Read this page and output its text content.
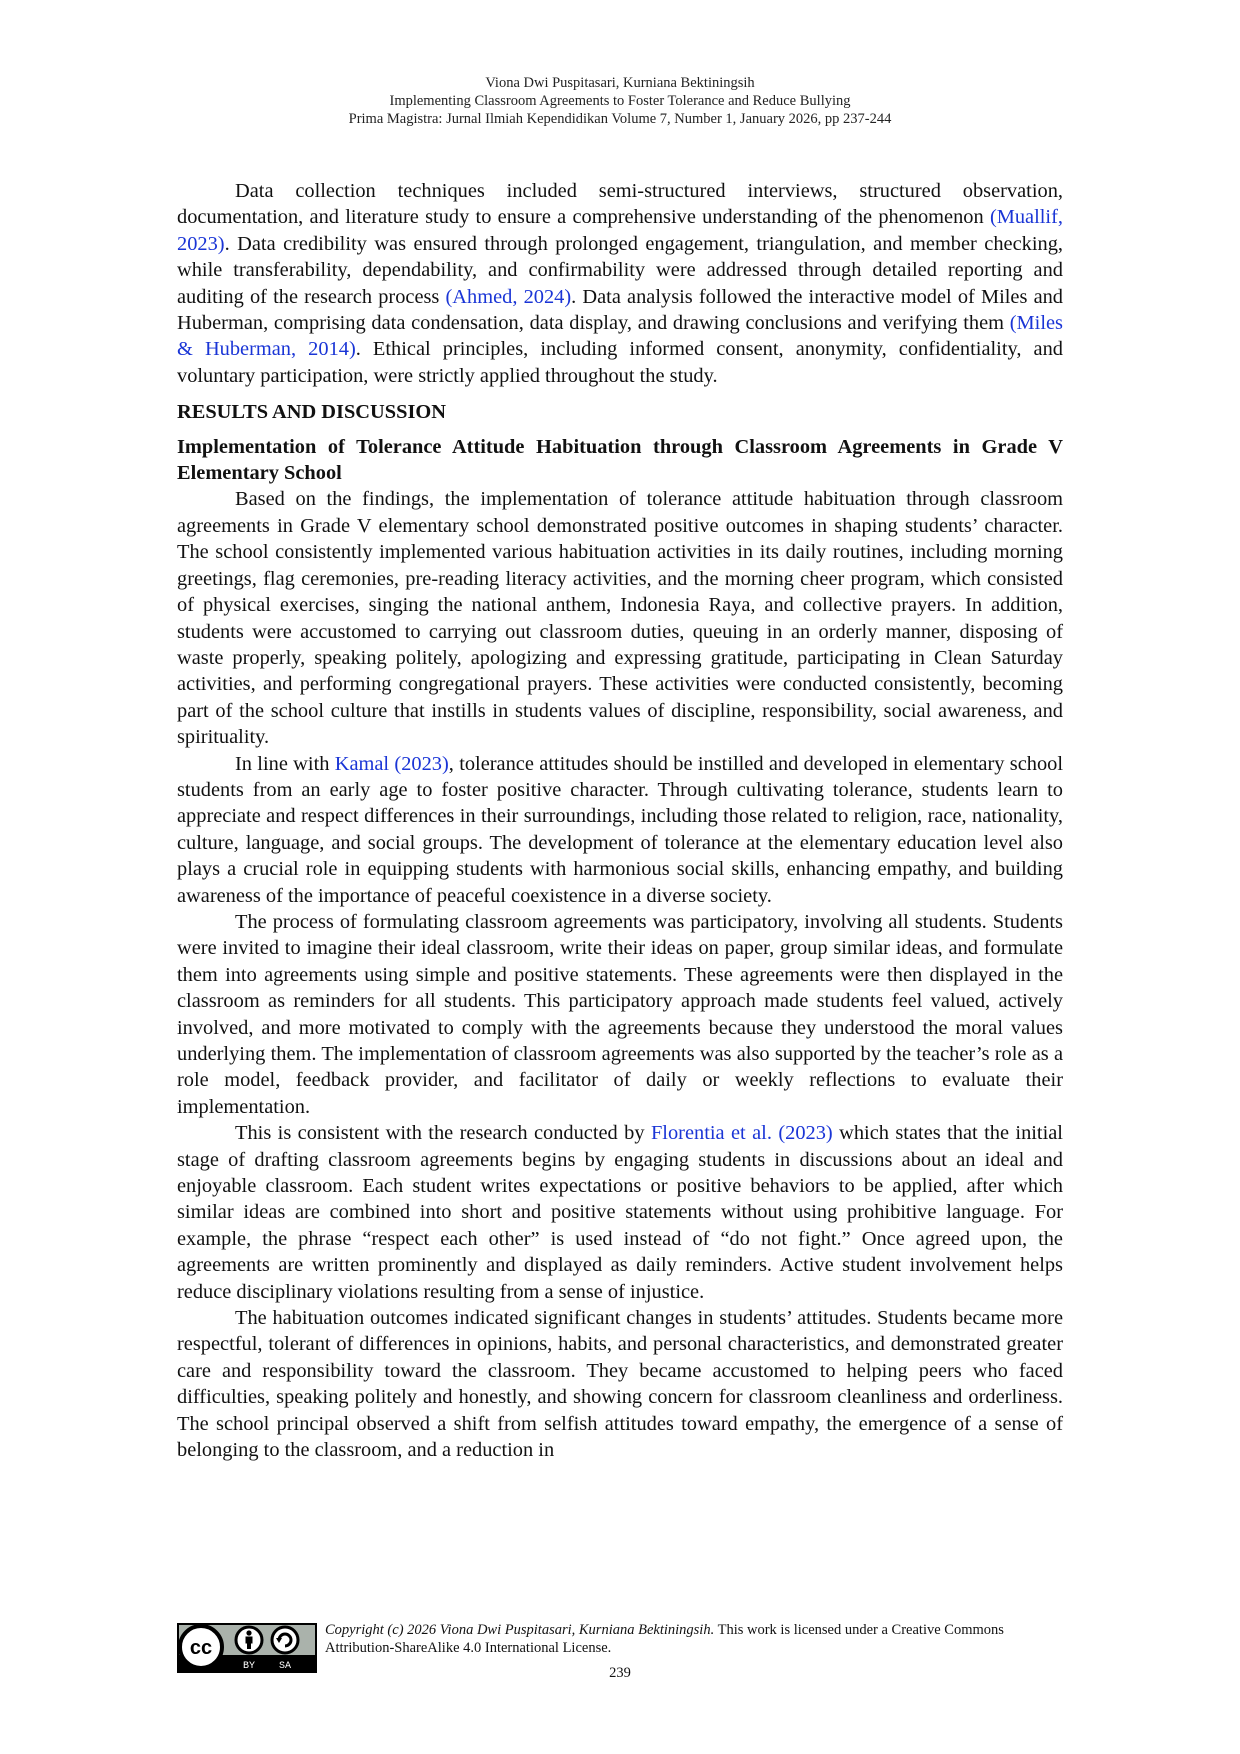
Viona Dwi Puspitasari, Kurniana Bektiningsih
Implementing Classroom Agreements to Foster Tolerance and Reduce Bullying
Prima Magistra: Jurnal Ilmiah Kependidikan Volume 7, Number 1, January 2026, pp 237-244

Data collection techniques included semi-structured interviews, structured observation, documentation, and literature study to ensure a comprehensive understanding of the phenomenon (Muallif, 2023). Data credibility was ensured through prolonged engagement, triangulation, and member checking, while transferability, dependability, and confirmability were addressed through detailed reporting and auditing of the research process (Ahmed, 2024). Data analysis followed the interactive model of Miles and Huberman, comprising data condensation, data display, and drawing conclusions and verifying them (Miles & Huberman, 2014). Ethical principles, including informed consent, anonymity, confidentiality, and voluntary participation, were strictly applied throughout the study.

RESULTS AND DISCUSSION

Implementation of Tolerance Attitude Habituation through Classroom Agreements in Grade V Elementary School

Based on the findings, the implementation of tolerance attitude habituation through classroom agreements in Grade V elementary school demonstrated positive outcomes in shaping students’ character. The school consistently implemented various habituation activities in its daily routines, including morning greetings, flag ceremonies, pre-reading literacy activities, and the morning cheer program, which consisted of physical exercises, singing the national anthem, Indonesia Raya, and collective prayers. In addition, students were accustomed to carrying out classroom duties, queuing in an orderly manner, disposing of waste properly, speaking politely, apologizing and expressing gratitude, participating in Clean Saturday activities, and performing congregational prayers. These activities were conducted consistently, becoming part of the school culture that instills in students values of discipline, responsibility, social awareness, and spirituality.

In line with Kamal (2023), tolerance attitudes should be instilled and developed in elementary school students from an early age to foster positive character. Through cultivating tolerance, students learn to appreciate and respect differences in their surroundings, including those related to religion, race, nationality, culture, language, and social groups. The development of tolerance at the elementary education level also plays a crucial role in equipping students with harmonious social skills, enhancing empathy, and building awareness of the importance of peaceful coexistence in a diverse society.

The process of formulating classroom agreements was participatory, involving all students. Students were invited to imagine their ideal classroom, write their ideas on paper, group similar ideas, and formulate them into agreements using simple and positive statements. These agreements were then displayed in the classroom as reminders for all students. This participatory approach made students feel valued, actively involved, and more motivated to comply with the agreements because they understood the moral values underlying them. The implementation of classroom agreements was also supported by the teacher’s role as a role model, feedback provider, and facilitator of daily or weekly reflections to evaluate their implementation.

This is consistent with the research conducted by Florentia et al. (2023) which states that the initial stage of drafting classroom agreements begins by engaging students in discussions about an ideal and enjoyable classroom. Each student writes expectations or positive behaviors to be applied, after which similar ideas are combined into short and positive statements without using prohibitive language. For example, the phrase “respect each other” is used instead of “do not fight.” Once agreed upon, the agreements are written prominently and displayed as daily reminders. Active student involvement helps reduce disciplinary violations resulting from a sense of injustice.

The habituation outcomes indicated significant changes in students’ attitudes. Students became more respectful, tolerant of differences in opinions, habits, and personal characteristics, and demonstrated greater care and responsibility toward the classroom. They became accustomed to helping peers who faced difficulties, speaking politely and honestly, and showing concern for classroom cleanliness and orderliness. The school principal observed a shift from selfish attitudes toward empathy, the emergence of a sense of belonging to the classroom, and a reduction in

cc
BY SA
Copyright (c) 2026 Viona Dwi Puspitasari, Kurniana Bektiningsih. This work is licensed under a Creative Commons Attribution-ShareAlike 4.0 International License.
239
